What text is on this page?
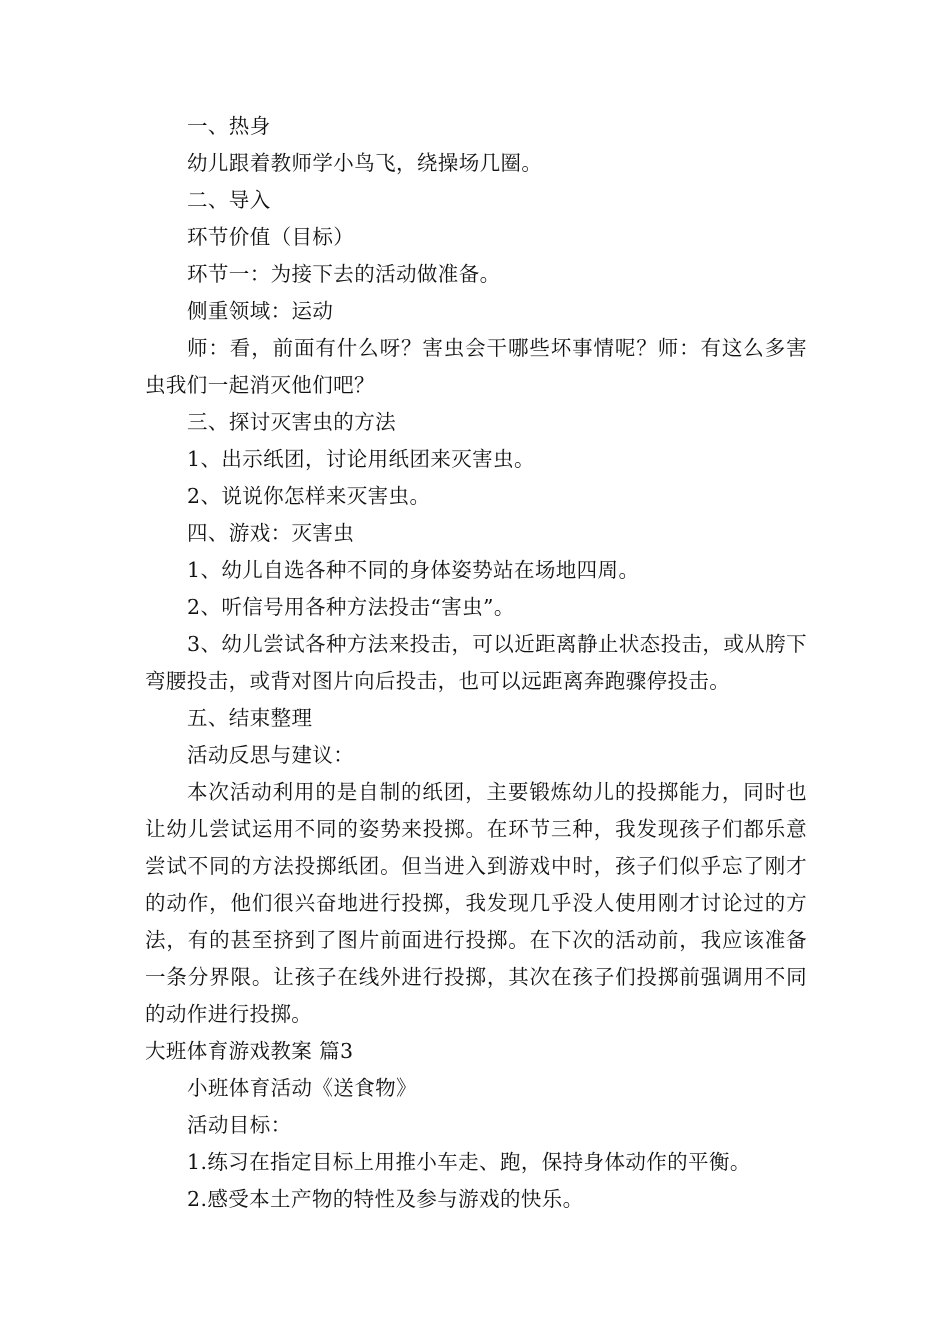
一、热身

幼儿跟着教师学小鸟飞，绕操场几圈。

二、导入

环节价值（目标）

环节一：为接下去的活动做准备。

侧重领域：运动

师：看，前面有什么呀？害虫会干哪些坏事情呢？师：有这么多害虫我们一起消灭他们吧？

三、探讨灭害虫的方法

1、出示纸团，讨论用纸团来灭害虫。

2、说说你怎样来灭害虫。

四、游戏：灭害虫

1、幼儿自选各种不同的身体姿势站在场地四周。

2、听信号用各种方法投击“害虫”。

3、幼儿尝试各种方法来投击，可以近距离静止状态投击，或从胯下弯腰投击，或背对图片向后投击，也可以远距离奔跑骤停投击。

五、结束整理

活动反思与建议：

本次活动利用的是自制的纸团，主要锻炼幼儿的投掷能力，同时也让幼儿尝试运用不同的姿势来投掷。在环节三种，我发现孩子们都乐意尝试不同的方法投掷纸团。但当进入到游戏中时，孩子们似乎忘了刚才的动作，他们很兴奋地进行投掷，我发现几乎没人使用刚才讨论过的方法，有的甚至挤到了图片前面进行投掷。在下次的活动前，我应该准备一条分界限。让孩子在线外进行投掷，其次在孩子们投掷前强调用不同的动作进行投掷。

大班体育游戏教案 篇3

小班体育活动《送食物》

活动目标：

1.练习在指定目标上用推小车走、跑，保持身体动作的平衡。

2.感受本土产物的特性及参与游戏的快乐。
